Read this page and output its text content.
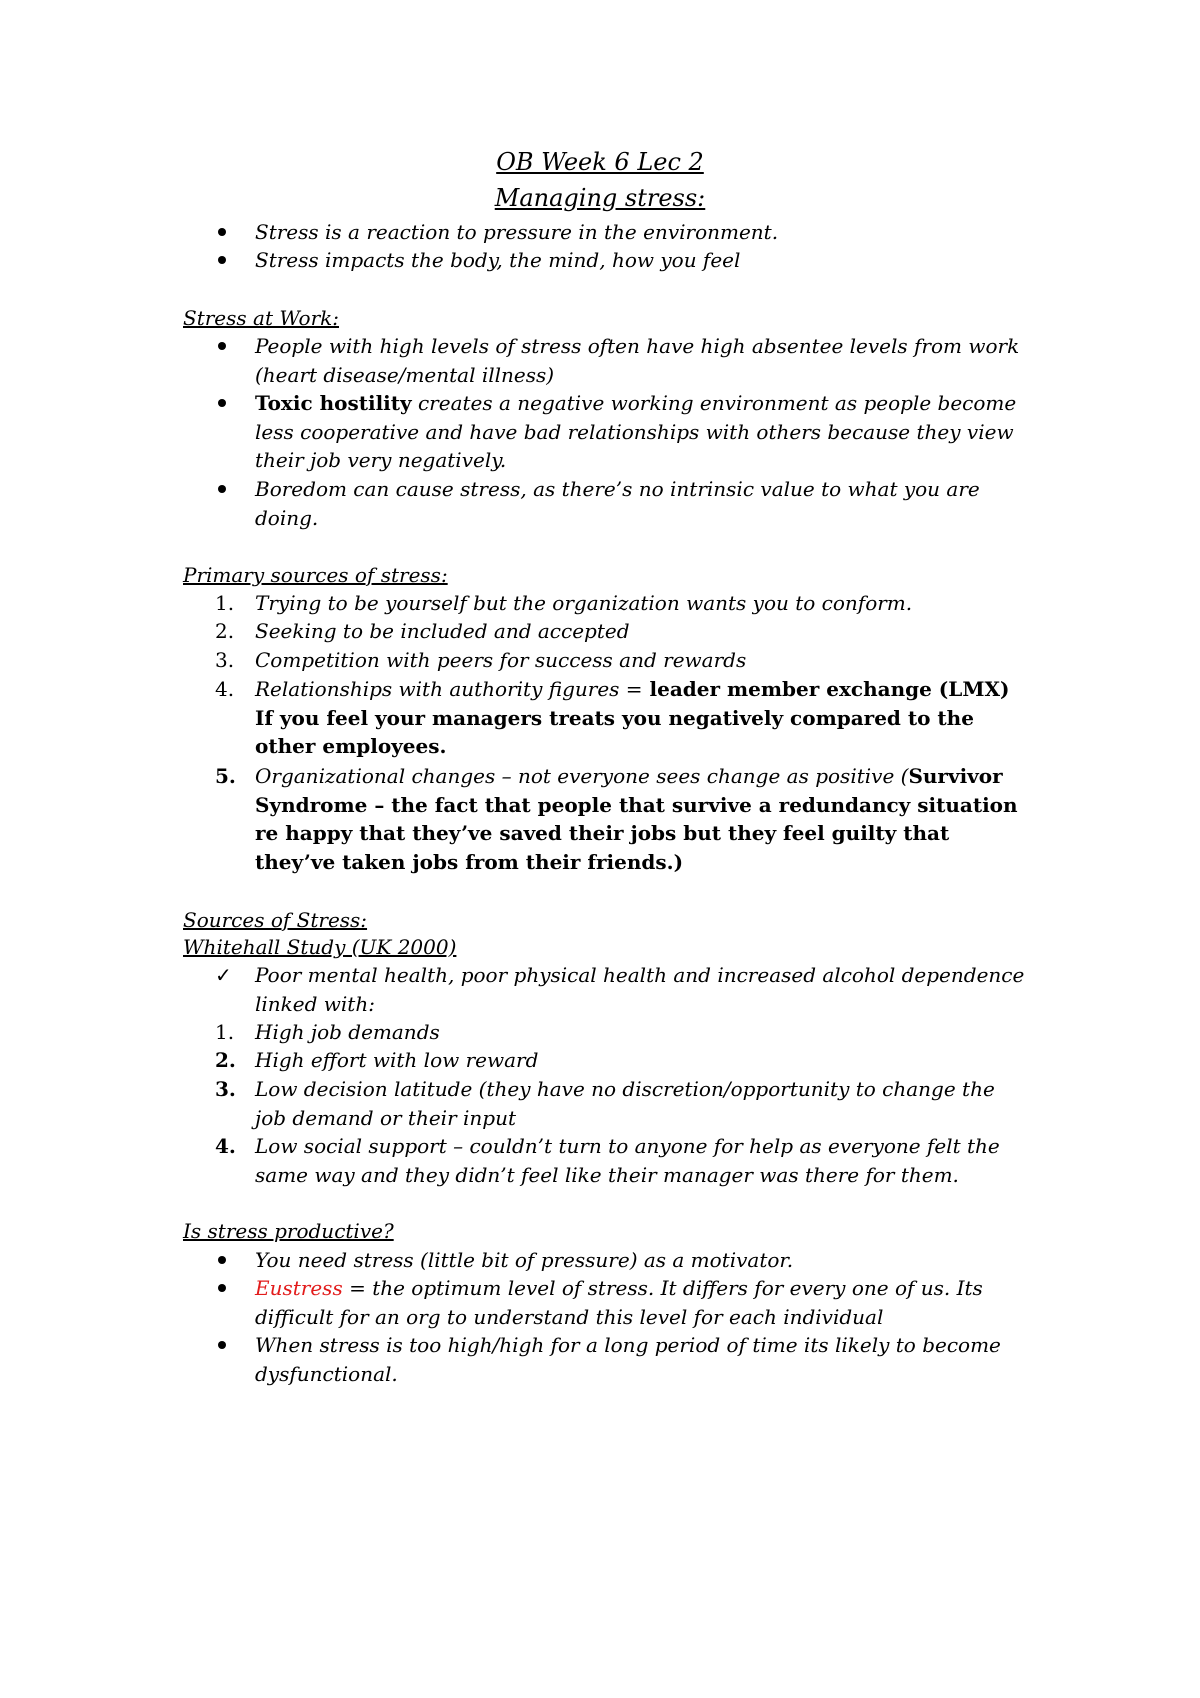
OB Week 6 Lec 2
Managing stress:
Stress is a reaction to pressure in the environment.
Stress impacts the body, the mind, how you feel
Stress at Work:
People with high levels of stress often have high absentee levels from work (heart disease/mental illness)
Toxic hostility creates a negative working environment as people become less cooperative and have bad relationships with others because they view their job very negatively.
Boredom can cause stress, as there’s no intrinsic value to what you are doing.
Primary sources of stress:
1.	Trying to be yourself but the organization wants you to conform.
2.	Seeking to be included and accepted
3.	Competition with peers for success and rewards
4.	Relationships with authority figures = leader member exchange (LMX) If you feel your managers treats you negatively compared to the other employees.
5. Organizational changes – not everyone sees change as positive (Survivor Syndrome – the fact that people that survive a redundancy situation re happy that they’ve saved their jobs but they feel guilty that they’ve taken jobs from their friends.)
Sources of Stress:
Whitehall Study (UK 2000)
✓	Poor mental health, poor physical health and increased alcohol dependence linked with:
1.	High job demands
2. High effort with low reward
3. Low decision latitude (they have no discretion/opportunity to change the job demand or their input
4. Low social support – couldn’t turn to anyone for help as everyone felt the same way and they didn’t feel like their manager was there for them.
Is stress productive?
You need stress (little bit of pressure) as a motivator.
Eustress = the optimum level of stress. It differs for every one of us. Its difficult for an org to understand this level for each individual
When stress is too high/high for a long period of time its likely to become dysfunctional.
